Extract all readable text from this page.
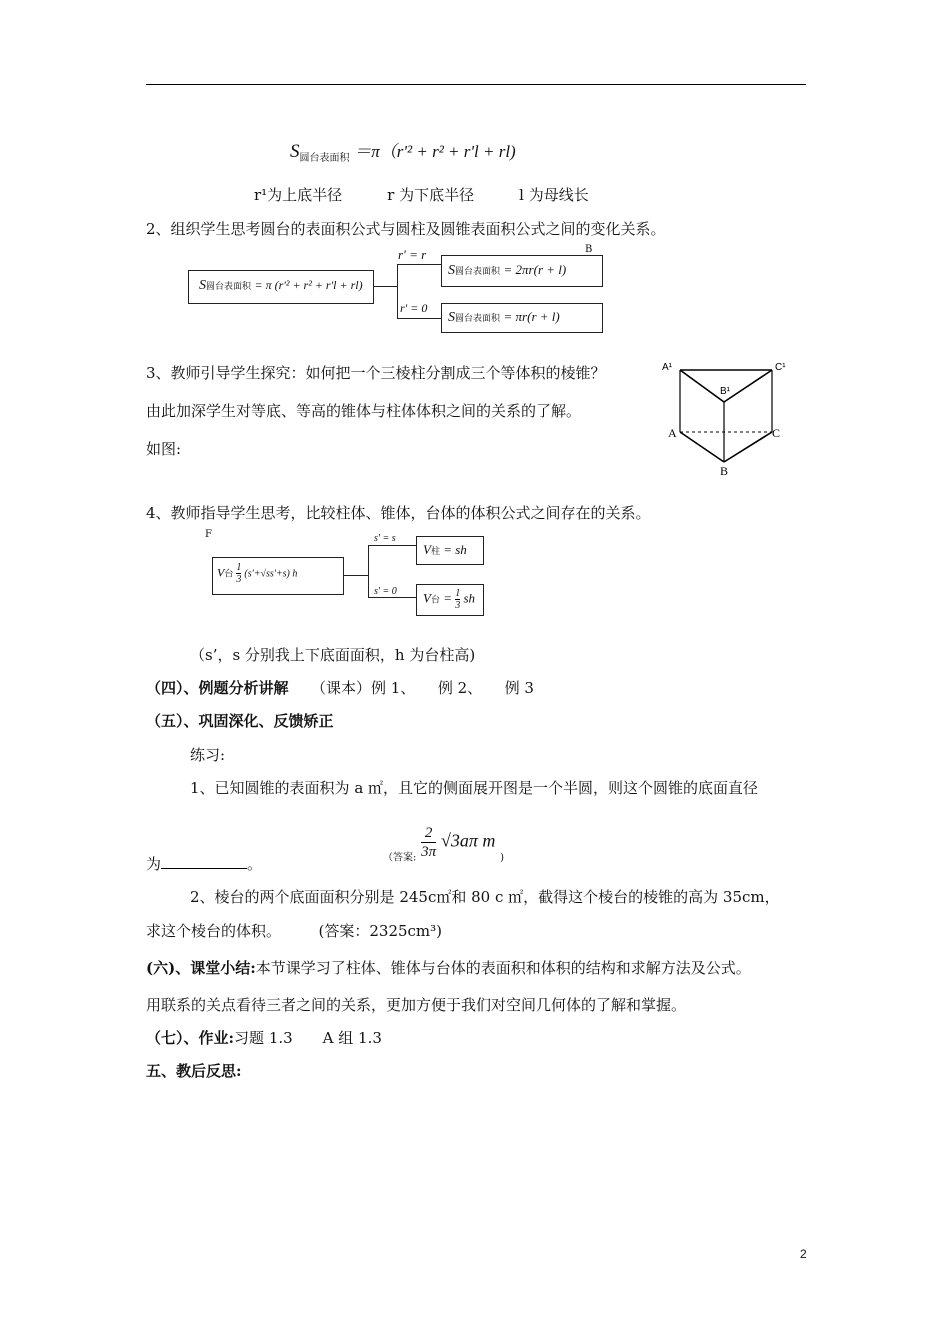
$S_{圆台表面积} =\pi(r'^2 + r^2 + r'l + rl)$
r¹为上底半径　　　r 为下底半径　　　l 为母线长
2、组织学生思考圆台的表面积公式与圆柱及圆锥表面积公式之间的变化关系。
S圆台表面积 = π (r'² + r² + r'l + rl)
r' = r
r' = 0
B
S圆台表面积 = 2πr(r + l)
S圆台表面积 = πr(r + l)
3、教师引导学生探究：如何把一个三棱柱分割成三个等体积的棱锥？
由此加深学生对等底、等高的锥体与柱体体积之间的关系的了解。
如图:
A¹
B¹
C¹
A	C
B
4、教师指导学生思考，比较柱体、锥体，台体的体积公式之间存在的关系。
F
V台 $\frac{1}{3} (s'+√ss'+s)$ h
s' = s
s' = 0
V柱 = sh
V台 = $\frac{1}{3}$ sh
（s’，s 分别我上下底面面积，h 为台柱高)
（四）、例题分析讲解　　 （课本）例 1、　　例 2、　　例 3
（五）、巩固深化、反馈矫正
练习:
1、已知圆锥的表面积为 a ㎡，且它的侧面展开图是一个半圆，则这个圆锥的底面直径
为	。	$_{(答案:} \frac{2}{3\pi} √3a\pi$ m $_)$
2、棱台的两个底面面积分别是 245c㎡和 80 c ㎡，截得这个棱台的棱锥的高为 35cm，
求这个棱台的体积。　　　(答案：2325cm³)
(六)、课堂小结:本节课学习了柱体、锥体与台体的表面积和体积的结构和求解方法及公式。
用联系的关点看待三者之间的关系，更加方便于我们对空间几何体的了解和掌握。
（七）、作业:习题 1.3　　A 组 1.3
五、教后反思:
2
